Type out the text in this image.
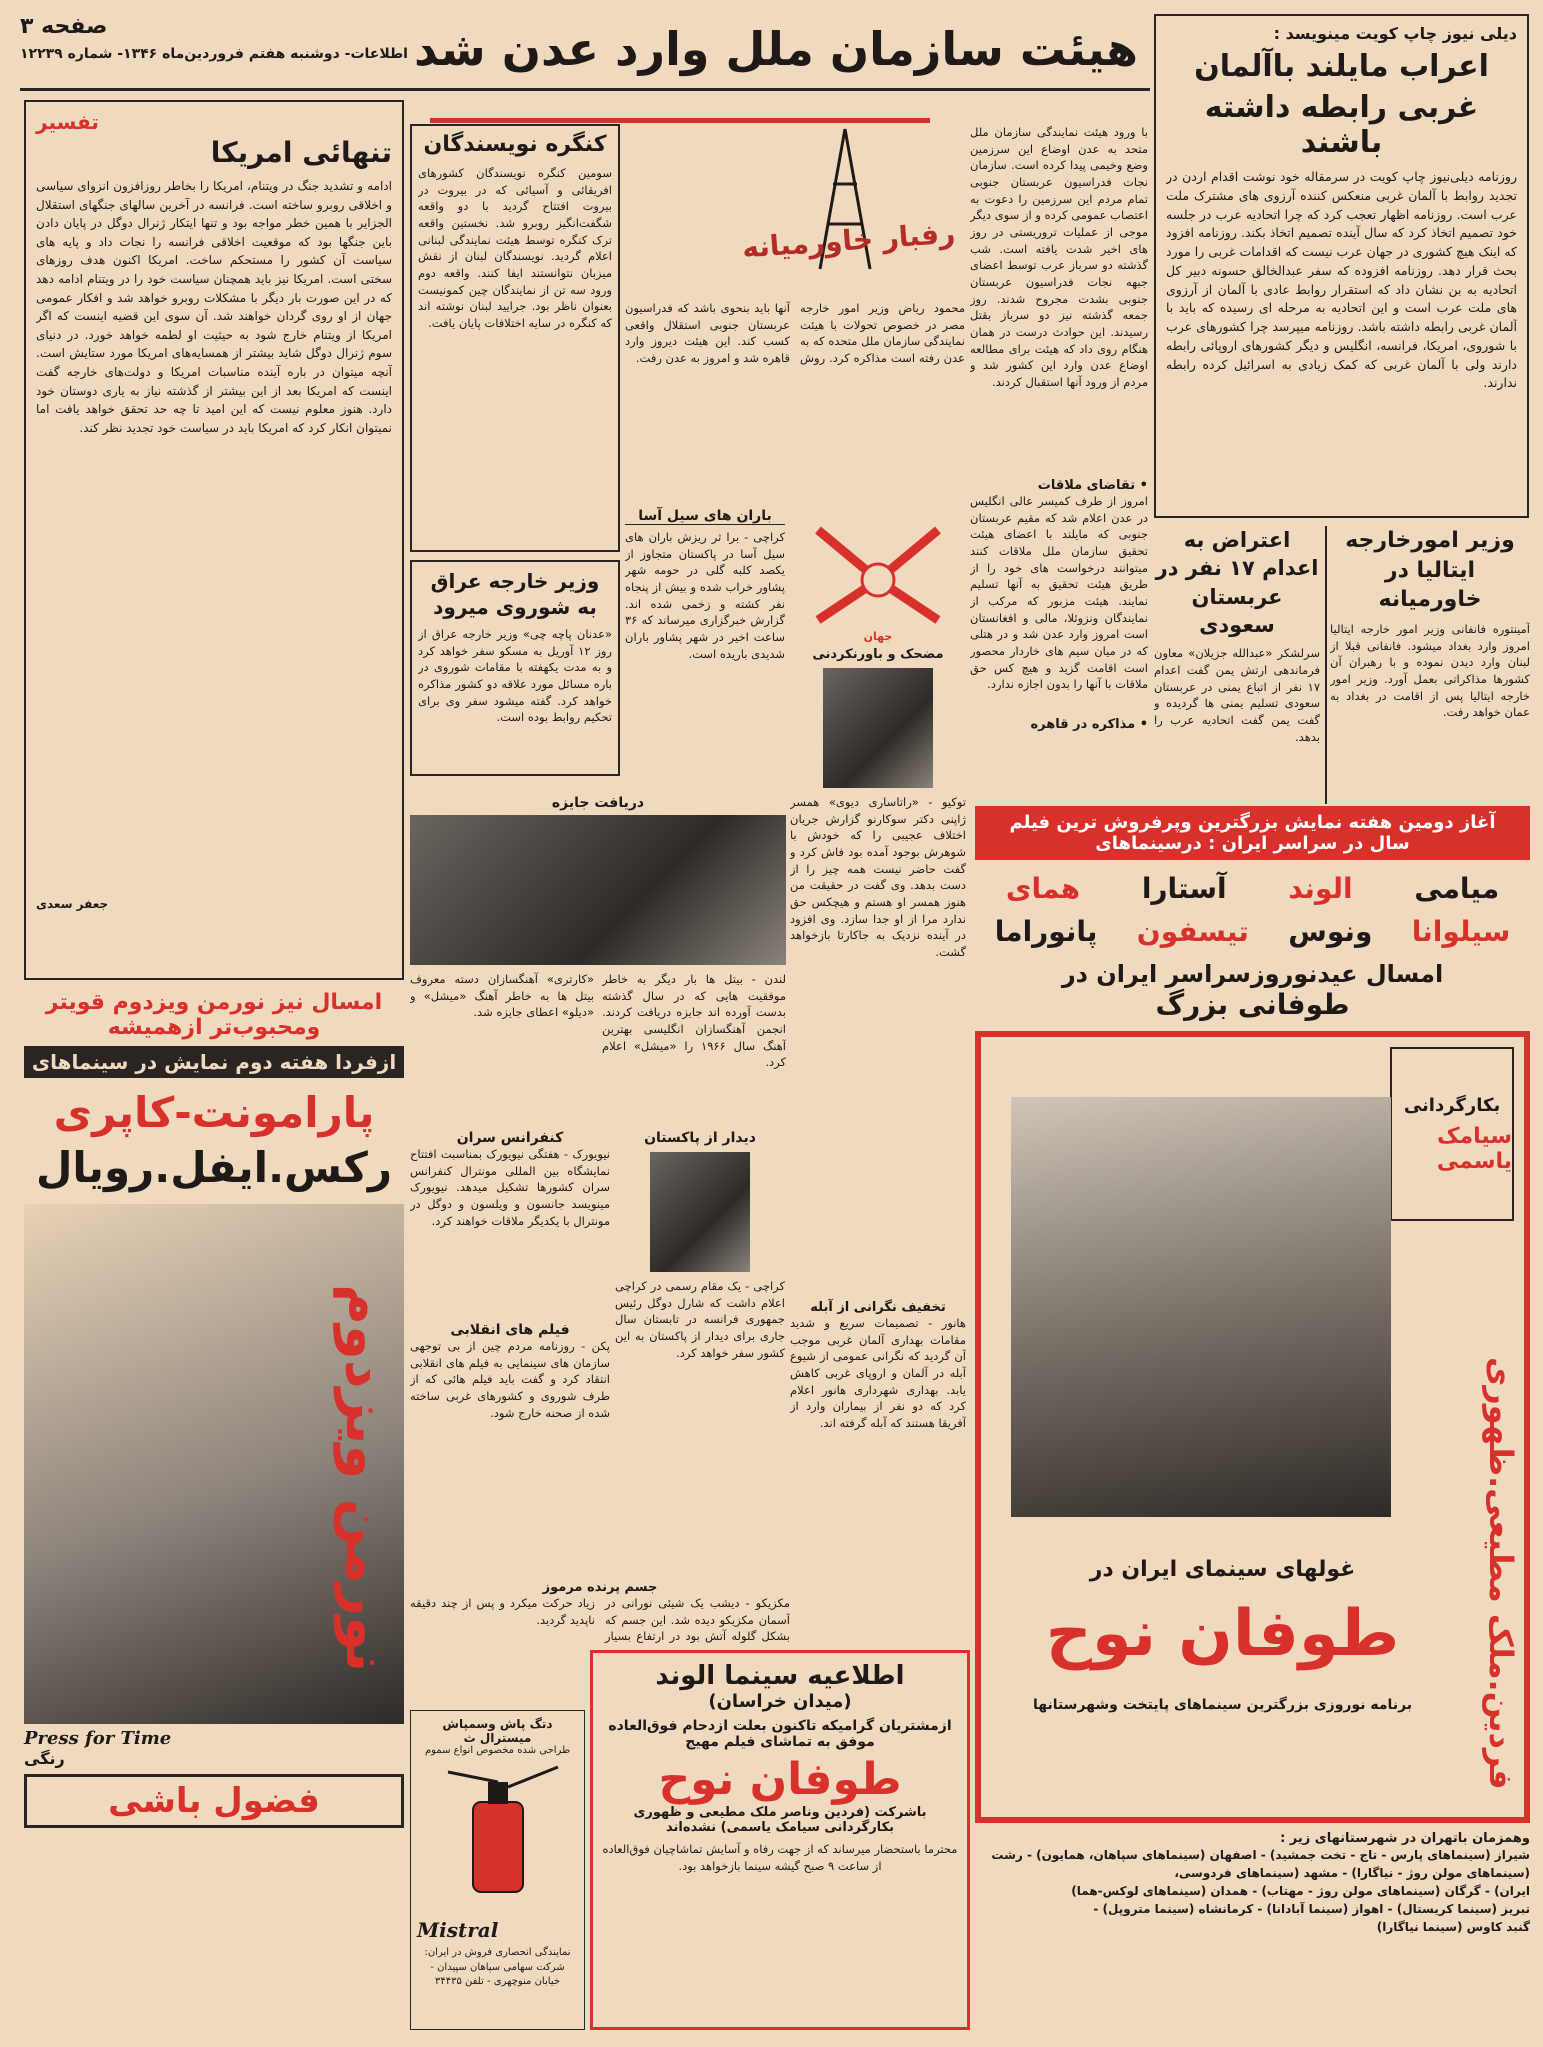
صفحه ۳
اطلاعات- دوشنبه هفتم فروردین‌ماه ۱۳۴۶- شماره ۱۲۲۳۹ هیئت سازمان ملل وارد عدن شد	دیلی نیوز چاپ کویت مینویسد :
اعراب مایلند باآلمان
غربی رابطه داشته باشند
روزنامه دیلی‌نیوز چاپ کویت در سرمقاله خود نوشت اقدام اردن در تجدید روابط با آلمان غربی منعکس کننده آرزوی های مشترک ملت عرب است. روزنامه اظهار تعجب کرد که چرا اتحادیه عرب در جلسه خود تصمیم اتخاذ کرد که سال آینده تصمیم اتخاذ بکند. روزنامه افزود که اینک هیچ کشوری در جهان عرب نیست که اقدامات غربی را مورد بحث قرار دهد. روزنامه افزوده که سفر عبدالخالق حسونه دبیر کل اتحادیه به بن نشان داد که استقرار روابط عادی با آلمان از آرزوی های ملت عرب است و این اتحادیه به مرحله ای رسیده که باید با آلمان غربی رابطه داشته باشد. روزنامه میپرسد چرا کشورهای عرب با شوروی، امریکا، فرانسه، انگلیس و دیگر کشورهای اروپائی رابطه دارند ولی با آلمان غربی که کمک زیادی به اسرائیل کرده رابطه ندارند.
وزیر امورخارجه ایتالیا در خاورمیانه
آمینتوره فانفانی وزیر امور خارجه ایتالیا امروز وارد بغداد میشود. فانفانی قبلا از لبنان وارد دیدن نموده و با رهبران آن کشورها مذاکراتی بعمل آورد. وزیر امور خارجه ایتالیا پس از اقامت در بغداد به عمان خواهد رفت.
اعتراض به اعدام ۱۷ نفر در عربستان سعودی
سرلشکر «عبدالله جزیلان» معاون فرماندهی ارتش یمن گفت اعدام ۱۷ نفر از اتباع یمنی در عربستان سعودی تسلیم یمنی ها گردیده و گفت یمن گفت اتحادیه عرب را بدهد.
با ورود هیئت نمایندگی سازمان ملل متحد به عدن اوضاع این سرزمین وضع وخیمی پیدا کرده است. سازمان نجات فدراسیون عربستان جنوبی تمام مردم این سرزمین را دعوت به اعتصاب عمومی کرده و از سوی دیگر موجی از عملیات تروریستی در روز های اخیر شدت یافته است. شب گذشته دو سرباز عرب توسط اعضای جبهه نجات فدراسیون عربستان جنوبی بشدت مجروح شدند. روز جمعه گذشته نیز دو سرباز بقتل رسیدند. این حوادث درست در همان هنگام روی داد که هیئت برای مطالعه اوضاع عدن وارد این کشور شد و مردم از ورود آنها استقبال کردند.
• تقاضای ملاقات
امروز از طرف کمیسر عالی انگلیس در عدن اعلام شد که مقیم عربستان جنوبی که مایلند با اعضای هیئت تحقیق سازمان ملل ملاقات کنند میتوانند درخواست های خود را از طریق هیئت تحقیق به آنها تسلیم نمایند. هیئت مزبور که مرکب از نمایندگان ونزوئلا، مالی و افغانستان است امروز وارد عدن شد و در هتلی که در میان سیم های خاردار محصور است اقامت گزید و هیچ کس حق ملاقات با آنها را بدون اجازه ندارد.
• مذاکره در قاهره
رفبار خاورمیانه
محمود ریاض وزیر امور خارجه مصر در خصوص تحولات با هیئت نمایندگی سازمان ملل متحده که به عدن رفته است مذاکره کرد. روش آنها باید بنحوی باشد که فدراسیون عربستان جنوبی استقلال واقعی کسب کند. این هیئت دیروز وارد قاهره شد و امروز به عدن رفت.
کنگره نویسندگان
سومین کنگره نویسندگان کشورهای افریقائی و آسیائی که در بیروت در بیروت افتتاح گردید با دو واقعه شگفت‌انگیز روبرو شد. نخستین واقعه ترک کنگره توسط هیئت نمایندگی لبنانی اعلام گردید. نویسندگان لبنان از نقش میزبان نتوانستند ایفا کنند. واقعه دوم ورود سه تن از نمایندگان چین کمونیست بعنوان ناظر بود. جرایید لبنان نوشته اند که کنگره در سایه اختلافات پایان یافت.
وزیر خارجه عراق به شوروی میرود
«عدنان پاچه چی» وزیر خارجه عراق از روز ۱۲ آوریل به مسکو سفر خواهد کرد و به مدت یکهفته با مقامات شوروی در باره مسائل مورد علاقه دو کشور مذاکره خواهد کرد. گفته میشود سفر وی برای تحکیم روابط بوده است.
باران های سیل آسا
کراچی - برا ثر ریزش باران های سیل آسا در پاکستان متجاوز از یکصد کلبه گلی در حومه شهر پشاور خراب شده و بیش از پنجاه نفر کشته و زخمی شده اند. گزارش خبرگزاری میرساند که ۳۶ ساعت اخیر در شهر پشاور باران شدیدی باریده است.
جهان
مضحک و باورنکردنی
توکیو - «راتاساری دیوی» همسر ژاپنی دکتر سوکارنو گزارش جریان اختلاف عجیبی را که خودش با شوهرش بوجود آمده بود فاش کرد و گفت حاضر نیست همه چیز را از دست بدهد. وی گفت در حقیقت من هنوز همسر او هستم و هیچکس حق ندارد مرا از او جدا سازد. وی افزود در آینده نزدیک به جاکارتا بازخواهد گشت.
دریافت جایزه
لندن - بیتل ها بار دیگر به خاطر موفقیت هایی که در سال گذشته بدست آورده اند جایزه دریافت کردند. انجمن آهنگسازان انگلیسی بهترین آهنگ سال ۱۹۶۶ را «میشل» اعلام کرد.
«کارتری» آهنگسازان دسته معروف بیتل ها به خاطر آهنگ «میشل» و «دیلو» اعطای جایزه شد.
کنفرانس سران
نیویورک - هفتگی نیویورک بمناسبت افتتاح نمایشگاه بین المللی مونترال کنفرانس سران کشورها تشکیل میدهد. نیویورک مینویسد جانسون و ویلسون و دوگل در مونترال با یکدیگر ملاقات خواهند کرد.
فیلم های انقلابی
پکن - روزنامه مردم چین از بی توجهی سازمان های سینمایی به فیلم های انقلابی انتقاد کرد و گفت باید فیلم هائی که از طرف شوروی و کشورهای غربی ساخته شده از صحنه خارج شود.
دیدار از پاکستان
کراچی - یک مقام رسمی در کراچی اعلام داشت که شارل دوگل رئیس جمهوری فرانسه در تابستان سال جاری برای دیدار از پاکستان به این کشور سفر خواهد کرد.
تخفیف نگرانی از آبله
هانور - تصمیمات سریع و شدید مقامات بهداری آلمان غربی موجب آن گردید که نگرانی عمومی از شیوع آبله در آلمان و اروپای غربی کاهش یابد. بهداری شهرداری هانور اعلام کرد که دو نفر از بیماران وارد از آفریقا هستند که آبله گرفته اند.
جسم پرنده مرموز
مکزیکو - دیشب یک شیئی نورانی در آسمان مکزیکو دیده شد. این جسم که بشکل گلوله آتش بود در ارتفاع بسیار زیاد حرکت میکرد و پس از چند دقیقه ناپدید گردید.
تفسیر
تنهائی امریکا
ادامه و تشدید جنگ در ویتنام، امریکا را بخاطر روزافزون انزوای سیاسی و اخلاقی روبرو ساخته است. فرانسه در آخرین سالهای جنگهای استقلال الجزایر با همین خطر مواجه بود و تنها ایتکار ژنرال دوگل در پایان دادن باین جنگها بود که موقعیت اخلاقی فرانسه را نجات داد و پایه های سیاست آن کشور را مستحکم ساخت. امریکا اکنون هدف روزهای سختی است. امریکا نیز باید همچنان سیاست خود را در ویتنام ادامه دهد که در این صورت بار دیگر با مشکلات روبرو خواهد شد و افکار عمومی جهان از او روی گردان خواهند شد. آن سوی این قضیه اینست که اگر امریکا از ویتنام خارج شود به حیثیت او لطمه خواهد خورد. در دنیای سوم ژنرال دوگل شاید بیشتر از همسایه‌های امریکا مورد ستایش است. آنچه میتوان در باره آینده مناسبات امریکا و دولت‌های خارجه گفت اینست که امریکا بعد از این بیشتر از گذشته نیاز به یاری دوستان خود دارد. هنوز معلوم نیست که این امید تا چه حد تحقق خواهد یافت اما نمیتوان انکار کرد که امریکا باید در سیاست خود تجدید نظر کند.
جعفر سعدی
امسال نیز نورمن ویزدوم قویتر
ومحبوب‌تر ازهمیشه
ازفردا هفته دوم نمایش در سینماهای
پارامونت-کاپری
رکس.ایفل.رویال
نورمن ویزدوم
Press for Time
رنگی
فضول باشی
آغاز دومین هفته نمایش بزرگترین وپرفروش ترین فیلم
سال در سراسر ایران : درسینماهای
میامی
الوند
آستارا
همای
سیلوانا
ونوس
تیسفون
پانوراما
امسال عیدنوروزسراسر ایران در
طوفانی بزرگ
بکارگردانی
سیامک یاسمی
فردین.ملک مطیعی.ظهوری
غولهای سینمای ایران در
طوفان نوح
برنامه نوروزی بزرگترین سینماهای پایتخت وشهرستانها
وهمزمان باتهران در شهرستانهای زیر :
شیراز (سینماهای پارس - تاج - تخت جمشید) - اصفهان (سینماهای سپاهان، همایون) - رشت (سینماهای مولن روژ - نیاگارا) - مشهد (سینماهای فردوسی،
ایران) - گرگان (سینماهای مولن روژ - مهتاب) - همدان (سینماهای لوکس-هما)
تبریز (سینما کریستال) - اهواز (سینما آبادانا) - کرمانشاه (سینما متروپل) -
گنبد کاوس (سینما نیاگارا)
اطلاعیه سینما الوند
(میدان خراسان)
ازمشتریان گرامیکه تاکنون بعلت ازدحام فوق‌العاده
موفق به تماشای فیلم مهیج
طوفان نوح
باشرکت (فردین وناصر ملک مطیعی و ظهوری
بکارگردانی سیامک یاسمی) نشده‌اند
محترما باستحضار میرساند که از جهت رفاه و آسایش تماشاچیان فوق‌العاده از ساعت ۹ صبح گیشه سینما بازخواهد بود.
دتگ پاش وسمپاش میسترال ث
طراحی شده مخصوص انواع سموم
Mistral
نمایندگی انحصاری فروش در ایران: شرکت سهامی سپاهان سپیدان - خیابان منوچهری - تلفن ۳۴۴۳۵
